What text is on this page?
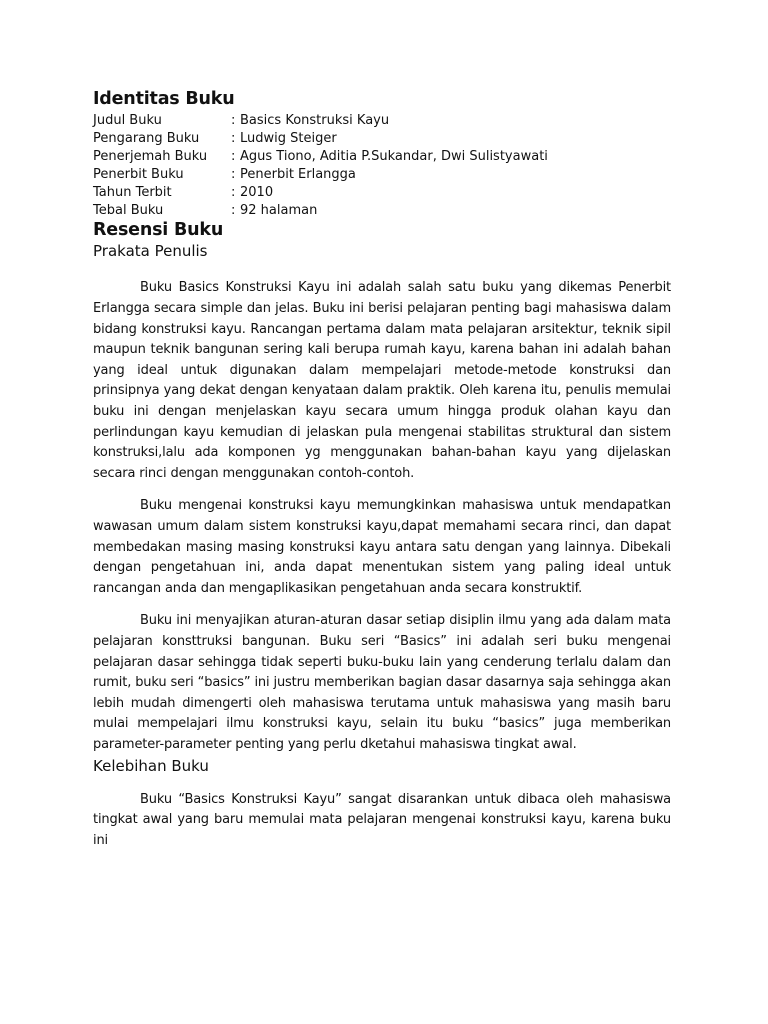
Identitas Buku
Judul Buku	: Basics Konstruksi Kayu
Pengarang Buku	: Ludwig Steiger
Penerjemah Buku	: Agus Tiono, Aditia P.Sukandar, Dwi Sulistyawati
Penerbit Buku	: Penerbit Erlangga
Tahun Terbit	: 2010
Tebal Buku	: 92 halaman
Resensi Buku
Prakata Penulis

Buku Basics Konstruksi Kayu ini adalah salah satu buku yang dikemas Penerbit Erlangga secara simple dan jelas. Buku ini berisi pelajaran penting bagi mahasiswa dalam bidang konstruksi kayu. Rancangan pertama dalam mata pelajaran arsitektur, teknik sipil maupun teknik bangunan sering kali berupa rumah kayu, karena bahan ini adalah bahan yang ideal untuk digunakan dalam mempelajari metode-metode konstruksi dan prinsipnya yang dekat dengan kenyataan dalam praktik. Oleh karena itu, penulis memulai buku ini dengan menjelaskan kayu secara umum hingga produk olahan kayu dan perlindungan kayu kemudian di jelaskan pula mengenai stabilitas struktural dan sistem konstruksi,lalu ada komponen yg menggunakan bahan-bahan kayu yang dijelaskan secara rinci dengan menggunakan contoh-contoh.

Buku mengenai konstruksi kayu memungkinkan mahasiswa untuk mendapatkan wawasan umum dalam sistem konstruksi kayu,dapat memahami secara rinci, dan dapat membedakan masing masing konstruksi kayu antara satu dengan yang lainnya. Dibekali dengan pengetahuan ini, anda dapat menentukan sistem yang paling ideal untuk rancangan anda dan mengaplikasikan pengetahuan anda secara konstruktif.

Buku ini menyajikan aturan-aturan dasar setiap disiplin ilmu yang ada dalam mata pelajaran konsttruksi bangunan. Buku seri “Basics” ini adalah seri buku mengenai pelajaran dasar sehingga tidak seperti buku-buku lain yang cenderung terlalu dalam dan rumit, buku seri “basics” ini justru memberikan bagian dasar dasarnya saja sehingga akan lebih mudah dimengerti oleh mahasiswa terutama untuk mahasiswa yang masih baru mulai mempelajari ilmu konstruksi kayu, selain itu buku “basics” juga memberikan parameter-parameter penting yang perlu dketahui mahasiswa tingkat awal.

Kelebihan Buku

Buku “Basics Konstruksi Kayu” sangat disarankan untuk dibaca oleh mahasiswa tingkat awal yang baru memulai mata pelajaran mengenai konstruksi kayu, karena buku ini
